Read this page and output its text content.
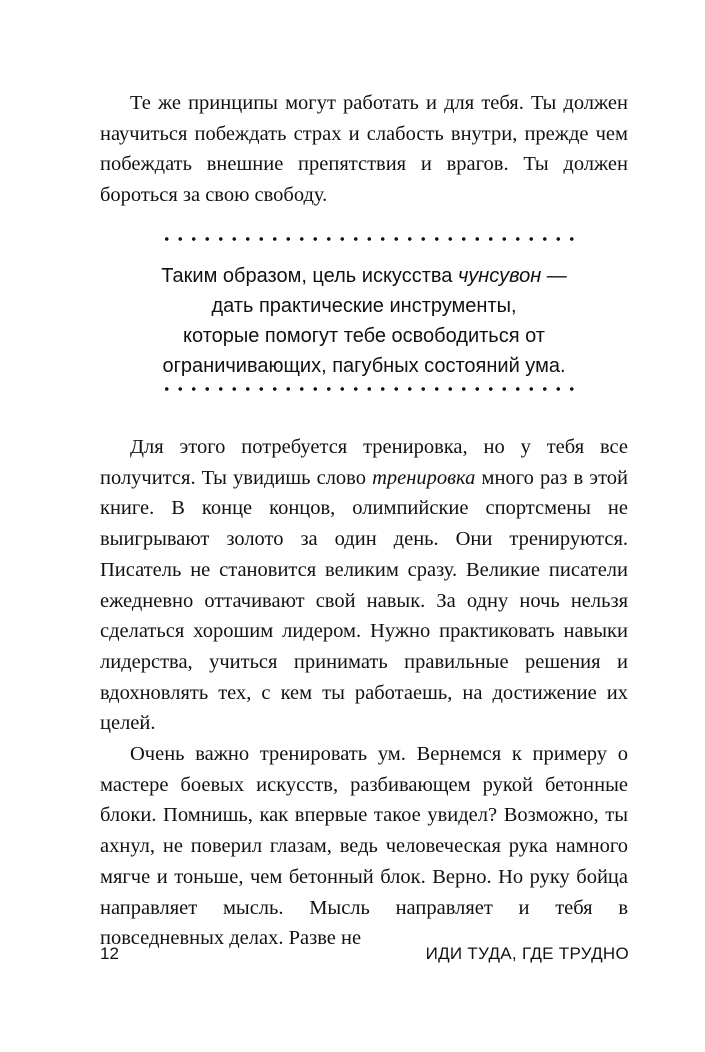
Те же принципы могут работать и для тебя. Ты должен научиться побеждать страх и слабость внутри, прежде чем побеждать внешние препятствия и врагов. Ты должен бороться за свою свободу.

Таким образом, цель искусства чунсувон —
дать практические инструменты,
которые помогут тебе освободиться от
ограничивающих, пагубных состояний ума.

Для этого потребуется тренировка, но у тебя все получится. Ты увидишь слово тренировка много раз в этой книге. В конце концов, олимпийские спортсмены не выигрывают золото за один день. Они тренируются. Писатель не становится великим сразу. Великие писатели ежедневно оттачивают свой навык. За одну ночь нельзя сделаться хорошим лидером. Нужно практиковать навыки лидерства, учиться принимать правильные решения и вдохновлять тех, с кем ты работаешь, на достижение их целей.

Очень важно тренировать ум. Вернемся к примеру о мастере боевых искусств, разбивающем рукой бетонные блоки. Помнишь, как впервые такое увидел? Возможно, ты ахнул, не поверил глазам, ведь человеческая рука намного мягче и тоньше, чем бетонный блок. Верно. Но руку бойца направляет мысль. Мысль направляет и тебя в повседневных делах. Разве не

12	ИДИ ТУДА, ГДЕ ТРУДНО
